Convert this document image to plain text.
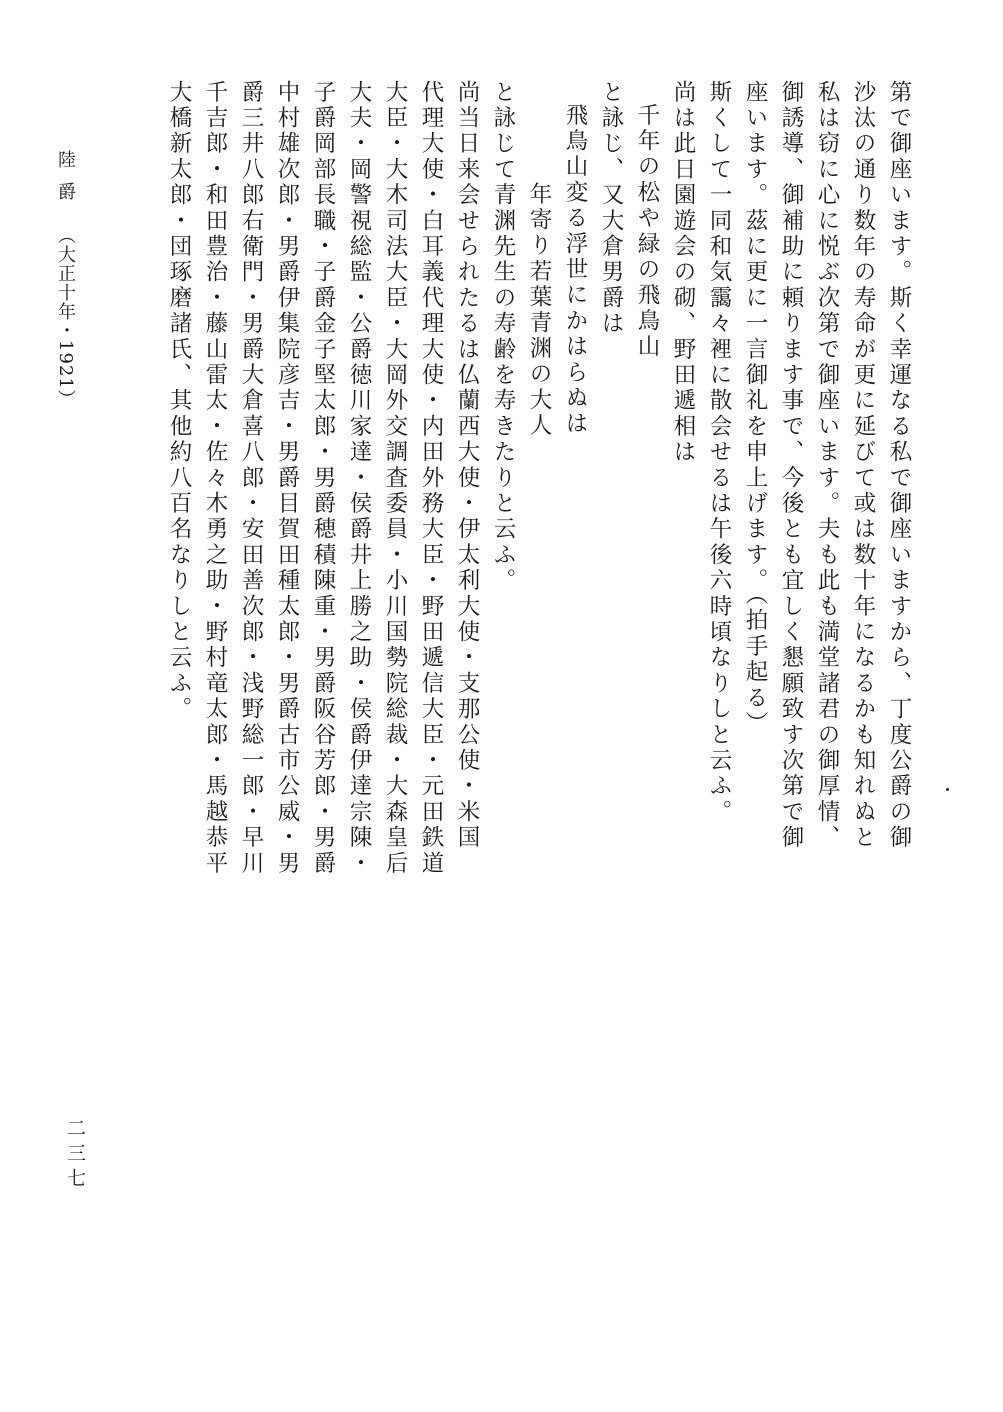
陸爵（大正十年・1921）	第で御座います。斯く幸運なる私で御座いますから、丁度公爵の御
沙汰の通り数年の寿命が更に延びて或は数十年になるかも知れぬと
私は窃に心に悦ぶ次第で御座います。夫も此も満堂諸君の御厚情、
御誘導、御補助に頼ります事で、今後とも宜しく懇願致す次第で御
座います。茲に更に一言御礼を申上げます。（拍手起る）
斯くして一同和気靄々裡に散会せるは午後六時頃なりしと云ふ。
尚は此日園遊会の砌、野田遞相は
千年の松や緑の飛鳥山
と詠じ、又大倉男爵は
飛鳥山変る浮世にかはらぬは
年寄り若葉青渊の大人
と詠じて青渊先生の寿齢を寿きたりと云ふ。
尚当日来会せられたるは仏蘭西大使・伊太利大使・支那公使・米国
代理大使・白耳義代理大使・内田外務大臣・野田遞信大臣・元田鉄道
大臣・大木司法大臣・大岡外交調査委員・小川国勢院総裁・大森皇后
大夫・岡警視総監・公爵徳川家達・侯爵井上勝之助・侯爵伊達宗陳・
子爵岡部長職・子爵金子堅太郎・男爵穂積陳重・男爵阪谷芳郎・男爵
中村雄次郎・男爵伊集院彦吉・男爵目賀田種太郎・男爵古市公威・男
爵三井八郎右衛門・男爵大倉喜八郎・安田善次郎・浅野総一郎・早川
千吉郎・和田豊治・藤山雷太・佐々木勇之助・野村竜太郎・馬越恭平
大橋新太郎・団琢磨諸氏、其他約八百名なりしと云ふ。
二三七
